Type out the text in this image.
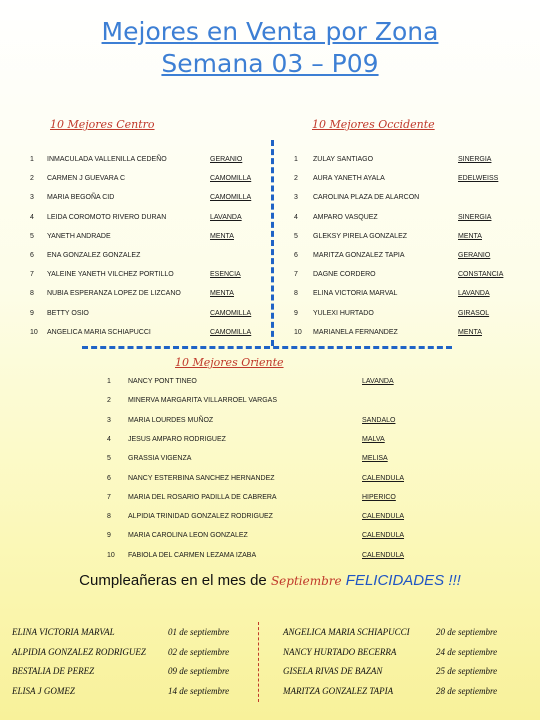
Mejores en Venta por Zona
Semana 03 – P09
10 Mejores Centro	10 Mejores Occidente
1 INMACULADA VALLENILLA CEDEÑO	GERANIO
2 CARMEN J GUEVARA C	CAMOMILLA
3 MARIA BEGOÑA CID	CAMOMILLA
4 LEIDA COROMOTO RIVERO DURAN	LAVANDA
5 YANETH ANDRADE	MENTA
6 ENA GONZALEZ GONZALEZ
7 YALEINE YANETH VILCHEZ PORTILLO	ESENCIA
8 NUBIA ESPERANZA LOPEZ DE LIZCANO	MENTA
9 BETTY OSIO	CAMOMILLA
10 ANGELICA MARIA SCHIAPUCCI	CAMOMILLA
1 ZULAY SANTIAGO	SINERGIA
2 AURA YANETH AYALA	EDELWEISS
3 CAROLINA PLAZA DE ALARCON
4 AMPARO VASQUEZ	SINERGIA
5 GLEKSY PIRELA GONZALEZ	MENTA
6 MARITZA GONZALEZ TAPIA	GERANIO
7 DAGNE CORDERO	CONSTANCIA
8 ELINA VICTORIA MARVAL	LAVANDA
9 YULEXI HURTADO	GIRASOL
10 MARIANELA FERNANDEZ	MENTA
10 Mejores Oriente
1 NANCY PONT TINEO	LAVANDA
2 MINERVA MARGARITA VILLARROEL VARGAS
3 MARIA LOURDES MUÑOZ	SANDALO
4 JESUS AMPARO RODRIGUEZ	MALVA
5 GRASSIA VIGENZA	MELISA
6 NANCY ESTERBINA SANCHEZ HERNANDEZ	CALENDULA
7 MARIA DEL ROSARIO PADILLA DE CABRERA	HIPERICO
8 ALPIDIA TRINIDAD GONZALEZ RODRIGUEZ	CALENDULA
9 MARIA CAROLINA LEON GONZALEZ	CALENDULA
10 FABIOLA DEL CARMEN LEZAMA IZABA	CALENDULA
Cumpleañeras en el mes de Septiembre FELICIDADES !!!
ELINA VICTORIA MARVAL	01 de septiembre
ALPIDIA GONZALEZ RODRIGUEZ 02 de septiembre
BESTALIA DE PEREZ	09 de septiembre
ELISA J GOMEZ	14 de septiembre
ANGELICA MARIA SCHIAPUCCI	20 de septiembre
NANCY HURTADO BECERRA	24 de septiembre
GISELA RIVAS DE BAZAN	25 de septiembre
MARITZA GONZALEZ TAPIA	28 de septiembre
